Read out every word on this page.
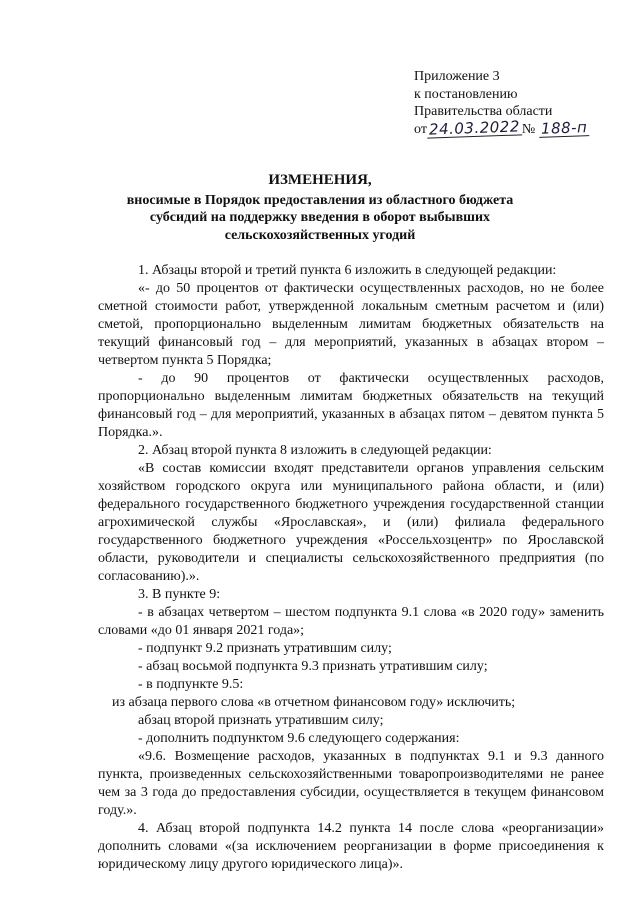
Приложение 3
к постановлению
Правительства области
от 24.03.2022 № 188-п
ИЗМЕНЕНИЯ,
вносимые в Порядок предоставления из областного бюджета субсидий на поддержку введения в оборот выбывших сельскохозяйственных угодий

1. Абзацы второй и третий пункта 6 изложить в следующей редакции:

«- до 50 процентов от фактически осуществленных расходов, но не более сметной стоимости работ, утвержденной локальным сметным расчетом и (или) сметой, пропорционально выделенным лимитам бюджетных обязательств на текущий финансовый год – для мероприятий, указанных в абзацах втором – четвертом пункта 5 Порядка;

- до 90 процентов от фактически осуществленных расходов, пропорционально выделенным лимитам бюджетных обязательств на текущий финансовый год – для мероприятий, указанных в абзацах пятом – девятом пункта 5 Порядка.».

2. Абзац второй пункта 8 изложить в следующей редакции:

«В состав комиссии входят представители органов управления сельским хозяйством городского округа или муниципального района области, и (или) федерального государственного бюджетного учреждения государственной станции агрохимической службы «Ярославская», и (или) филиала федерального государственного бюджетного учреждения «Россельхозцентр» по Ярославской области, руководители и специалисты сельскохозяйственного предприятия (по согласованию).».

3. В пункте 9:

- в абзацах четвертом – шестом подпункта 9.1 слова «в 2020 году» заменить словами «до 01 января 2021 года»;

- подпункт 9.2 признать утратившим силу;

- абзац восьмой подпункта 9.3 признать утратившим силу;

- в подпункте 9.5:

из абзаца первого слова «в отчетном финансовом году» исключить;

абзац второй признать утратившим силу;

- дополнить подпунктом 9.6 следующего содержания:

«9.6. Возмещение расходов, указанных в подпунктах 9.1 и 9.3 данного пункта, произведенных сельскохозяйственными товаропроизводителями не ранее чем за 3 года до предоставления субсидии, осуществляется в текущем финансовом году.».

4. Абзац второй подпункта 14.2 пункта 14 после слова «реорганизации» дополнить словами «(за исключением реорганизации в форме присоединения к юридическому лицу другого юридического лица)».
